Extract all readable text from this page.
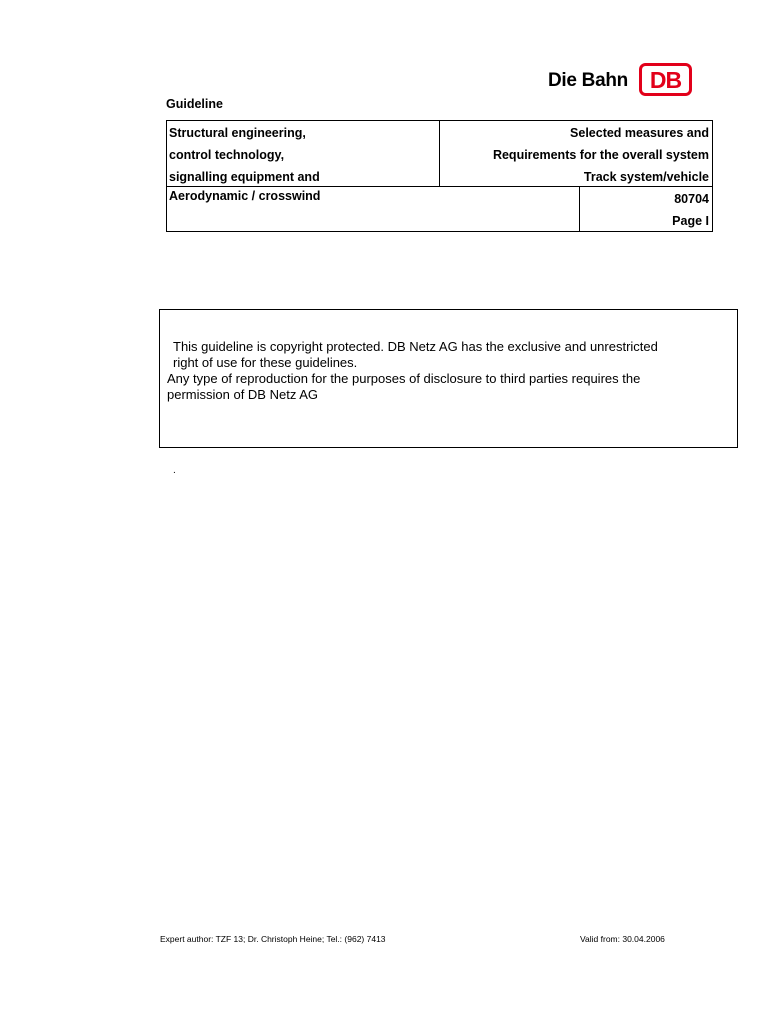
Die Bahn DB
Guideline
Structural engineering,
control technology,
signalling equipment and
Selected measures and
Requirements for the overall system
Track system/vehicle
Aerodynamic / crosswind	80704
Page I
This guideline is copyright protected. DB Netz AG has the exclusive and unrestricted
right of use for these guidelines.
Any type of reproduction for the purposes of disclosure to third parties requires the
permission of DB Netz AG
.
Expert author: TZF 13; Dr. Christoph Heine; Tel.: (962) 7413	Valid from: 30.04.2006
